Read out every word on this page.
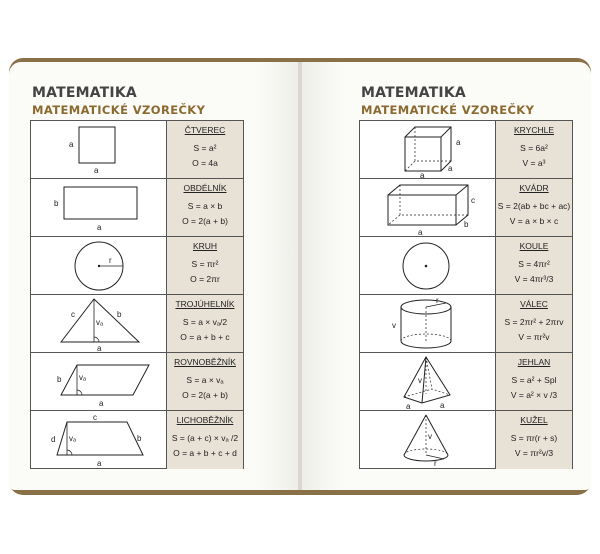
MATEMATIKA
MATEMATICKÉ VZOREČKY
a
a
ČTVEREC
S = a²
O = 4a
b
a
OBDÉLNÍK
S = a × b
O = 2(a + b)
r
KRUH
S = πr²
O = 2πr
c
vₐ
b
a
TROJÚHELNÍK
S = a × vₐ/2
O = a + b + c
b vₐ
a
ROVNOBĚŽNÍK
S = a × vₐ
O = 2(a + b)
c
d vₐ	b
a
LICHOBĚŽNÍK
S = (a + c) × vₐ /2
O = a + b + c + d
MATEMATIKA
MATEMATICKÉ VZOREČKY
a
a
a
KRYCHLE
S = 6a²
V = a³
c
a
b
KVÁDR
S = 2(ab + bc + ac)
V = a × b × c
KOULE
S = 4πr²
V = 4πr³/3
r
v
VÁLEC
S = 2πr² + 2πrv
V = πr²v
v
a	a
JEHLAN
S = a² + Spl
V = a² × v /3
v
r
KUŽEL
S = πr(r + s)
V = πr²v/3
